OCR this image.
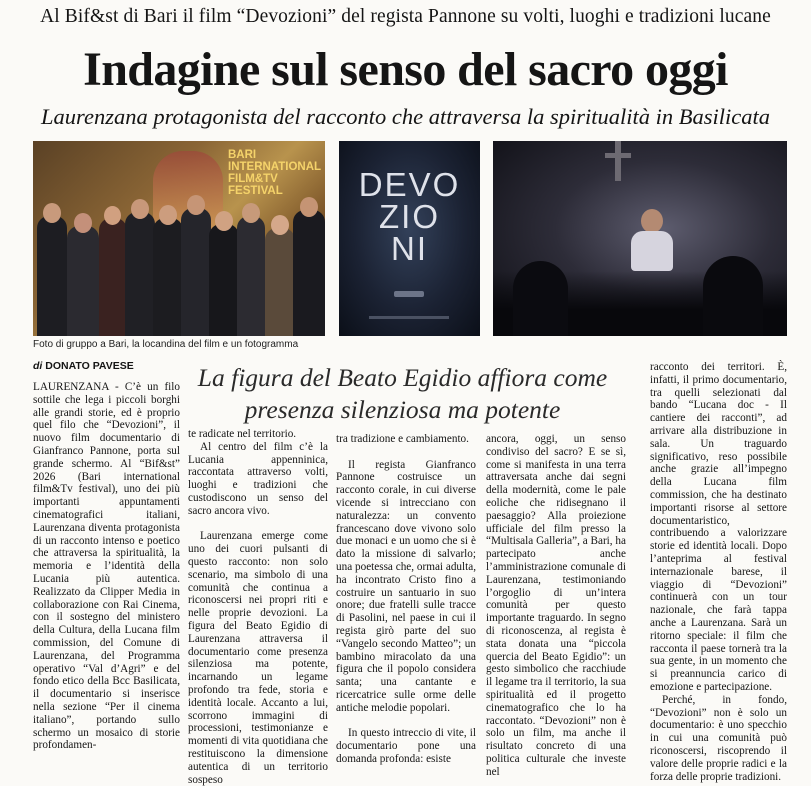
Al Bif&st di Bari il film “Devozioni” del regista Pannone su volti, luoghi e tradizioni lucane
Indagine sul senso del sacro oggi
Laurenzana protagonista del racconto che attraversa la spiritualità in Basilicata
BARI
INTERNATIONAL
FILM&TV
FESTIVAL	DEVO
ZIO
NI
Foto di gruppo a Bari, la locandina del film e un fotogramma
di DONATO PAVESE	La figura del Beato Egidio affiora come presenza silenziosa ma potente

LAURENZANA - C’è un filo sottile che lega i piccoli borghi alle grandi storie, ed è proprio quel filo che “Devozioni”, il nuovo film documentario di Gianfranco Pannone, porta sul grande schermo. Al “Bif&st” 2026 (Bari international film&Tv festival), uno dei più importanti appuntamenti cinematografici italiani, Laurenzana diventa protagonista di un racconto intenso e poetico che attraversa la spiritualità, la memoria e l’identità della Lucania più autentica. Realizzato da Clipper Media in collaborazione con Rai Cinema, con il sostegno del ministero della Cultura, della Lucana film commission, del Comune di Laurenzana, del Programma operativo “Val d’Agri” e del fondo etico della Bcc Basilicata, il documentario si inserisce nella sezione “Per il cinema italiano”, portando sullo schermo un mosaico di storie profondamen-

te radicate nel territorio.

Al centro del film c’è la Lucania appenninica, raccontata attraverso volti, luoghi e tradizioni che custodiscono un senso del sacro ancora vivo.

Laurenzana emerge come uno dei cuori pulsanti di questo racconto: non solo scenario, ma simbolo di una comunità che continua a riconoscersi nei propri riti e nelle proprie devozioni. La figura del Beato Egidio di Laurenzana attraversa il documentario come presenza silenziosa ma potente, incarnando un legame profondo tra fede, storia e identità locale. Accanto a lui, scorrono immagini di processioni, testimonianze e momenti di vita quotidiana che restituiscono la dimensione autentica di un territorio sospeso

tra tradizione e cambiamento.

Il regista Gianfranco Pannone costruisce un racconto corale, in cui diverse vicende si intrecciano con naturalezza: un convento francescano dove vivono solo due monaci e un uomo che si è dato la missione di salvarlo; una poetessa che, ormai adulta, ha incontrato Cristo fino a costruire un santuario in suo onore; due fratelli sulle tracce di Pasolini, nel paese in cui il regista girò parte del suo “Vangelo secondo Matteo”; un bambino miracolato da una figura che il popolo considera santa; una cantante e ricercatrice sulle orme delle antiche melodie popolari.

In questo intreccio di vite, il documentario pone una domanda profonda: esiste

ancora, oggi, un senso condiviso del sacro? E se sì, come si manifesta in una terra attraversata anche dai segni della modernità, come le pale eoliche che ridisegnano il paesaggio? Alla proiezione ufficiale del film presso la “Multisala Galleria”, a Bari, ha partecipato anche l’amministrazione comunale di Laurenzana, testimoniando l’orgoglio di un’intera comunità per questo importante traguardo. In segno di riconoscenza, al regista è stata donata una “piccola quercia del Beato Egidio”: un gesto simbolico che racchiude il legame tra il territorio, la sua spiritualità ed il progetto cinematografico che lo ha raccontato. “Devozioni” non è solo un film, ma anche il risultato concreto di una politica culturale che investe nel

racconto dei territori. È, infatti, il primo documentario, tra quelli selezionati dal bando “Lucana doc - Il cantiere dei racconti”, ad arrivare alla distribuzione in sala. Un traguardo significativo, reso possibile anche grazie all’impegno della Lucana film commission, che ha destinato importanti risorse al settore documentaristico, contribuendo a valorizzare storie ed identità locali. Dopo l’anteprima al festival internazionale barese, il viaggio di “Devozioni” continuerà con un tour nazionale, che farà tappa anche a Laurenzana. Sarà un ritorno speciale: il film che racconta il paese tornerà tra la sua gente, in un momento che si preannuncia carico di emozione e partecipazione.

Perché, in fondo, “Devozioni” non è solo un documentario: è uno specchio in cui una comunità può riconoscersi, riscoprendo il valore delle proprie radici e la forza delle proprie tradizioni.
